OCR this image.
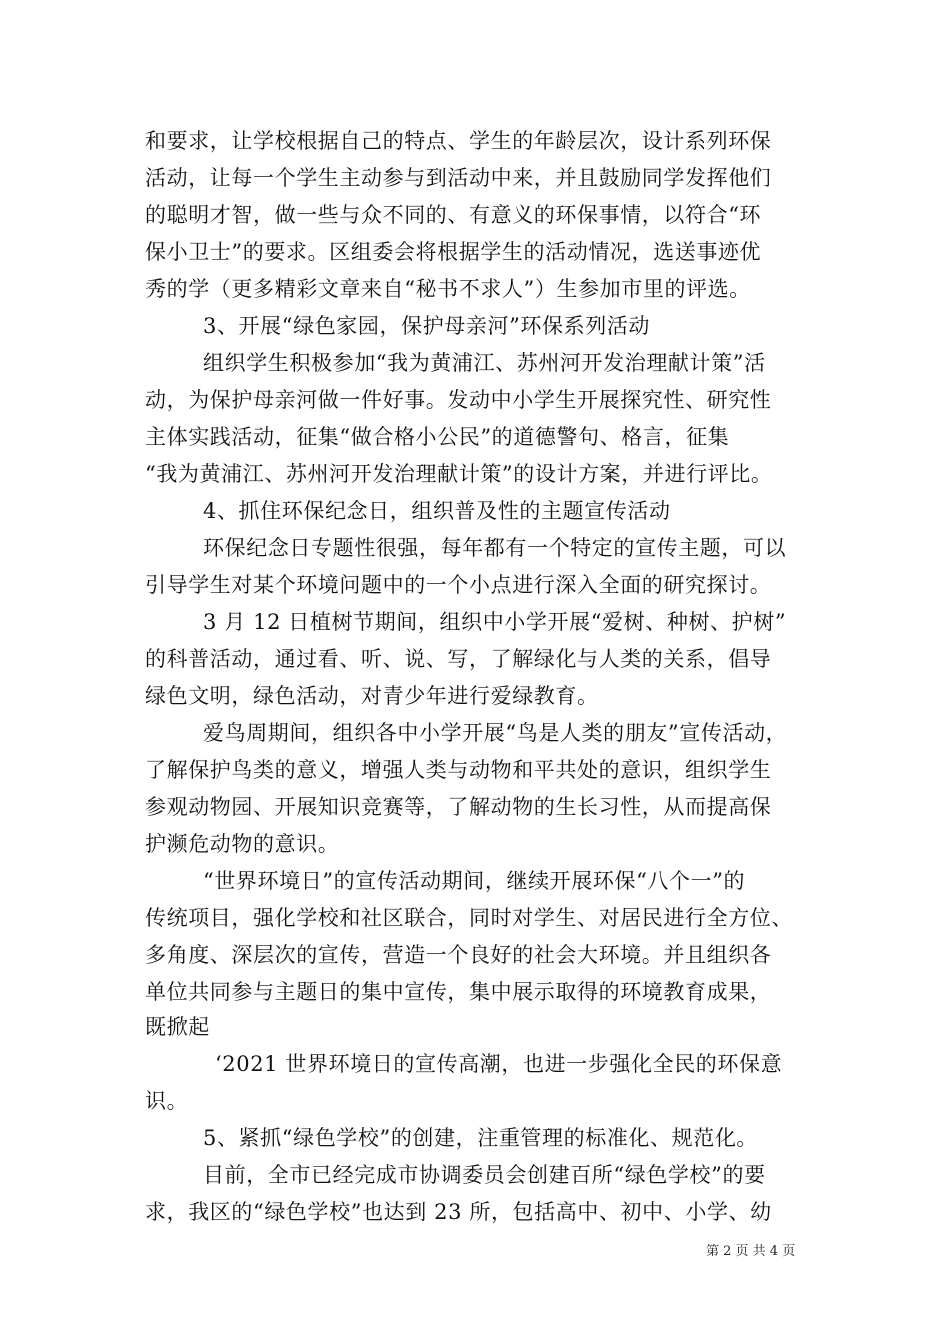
和要求，让学校根据自己的特点、学生的年龄层次，设计系列环保
活动，让每一个学生主动参与到活动中来，并且鼓励同学发挥他们
的聪明才智，做一些与众不同的、有意义的环保事情，以符合“环
保小卫士”的要求。区组委会将根据学生的活动情况，选送事迹优
秀的学（更多精彩文章来自“秘书不求人”）生参加市里的评选。
3、开展“绿色家园，保护母亲河”环保系列活动
组织学生积极参加“我为黄浦江、苏州河开发治理献计策”活
动，为保护母亲河做一件好事。发动中小学生开展探究性、研究性
主体实践活动，征集“做合格小公民”的道德警句、格言，征集
“我为黄浦江、苏州河开发治理献计策”的设计方案，并进行评比。
4、抓住环保纪念日，组织普及性的主题宣传活动
环保纪念日专题性很强，每年都有一个特定的宣传主题，可以
引导学生对某个环境问题中的一个小点进行深入全面的研究探讨。
3 月 12 日植树节期间，组织中小学开展“爱树、种树、护树”
的科普活动，通过看、听、说、写，了解绿化与人类的关系，倡导
绿色文明，绿色活动，对青少年进行爱绿教育。
爱鸟周期间，组织各中小学开展“鸟是人类的朋友”宣传活动，
了解保护鸟类的意义，增强人类与动物和平共处的意识，组织学生
参观动物园、开展知识竞赛等，了解动物的生长习性，从而提高保
护濒危动物的意识。
“世界环境日”的宣传活动期间，继续开展环保“八个一”的
传统项目，强化学校和社区联合，同时对学生、对居民进行全方位、
多角度、深层次的宣传，营造一个良好的社会大环境。并且组织各
单位共同参与主题日的集中宣传，集中展示取得的环境教育成果，
既掀起
‘2021 世界环境日的宣传高潮，也进一步强化全民的环保意
识。
5、紧抓“绿色学校”的创建，注重管理的标准化、规范化。
目前，全市已经完成市协调委员会创建百所“绿色学校”的要
求，我区的“绿色学校”也达到 23 所，包括高中、初中、小学、幼
第 2 页 共 4 页
